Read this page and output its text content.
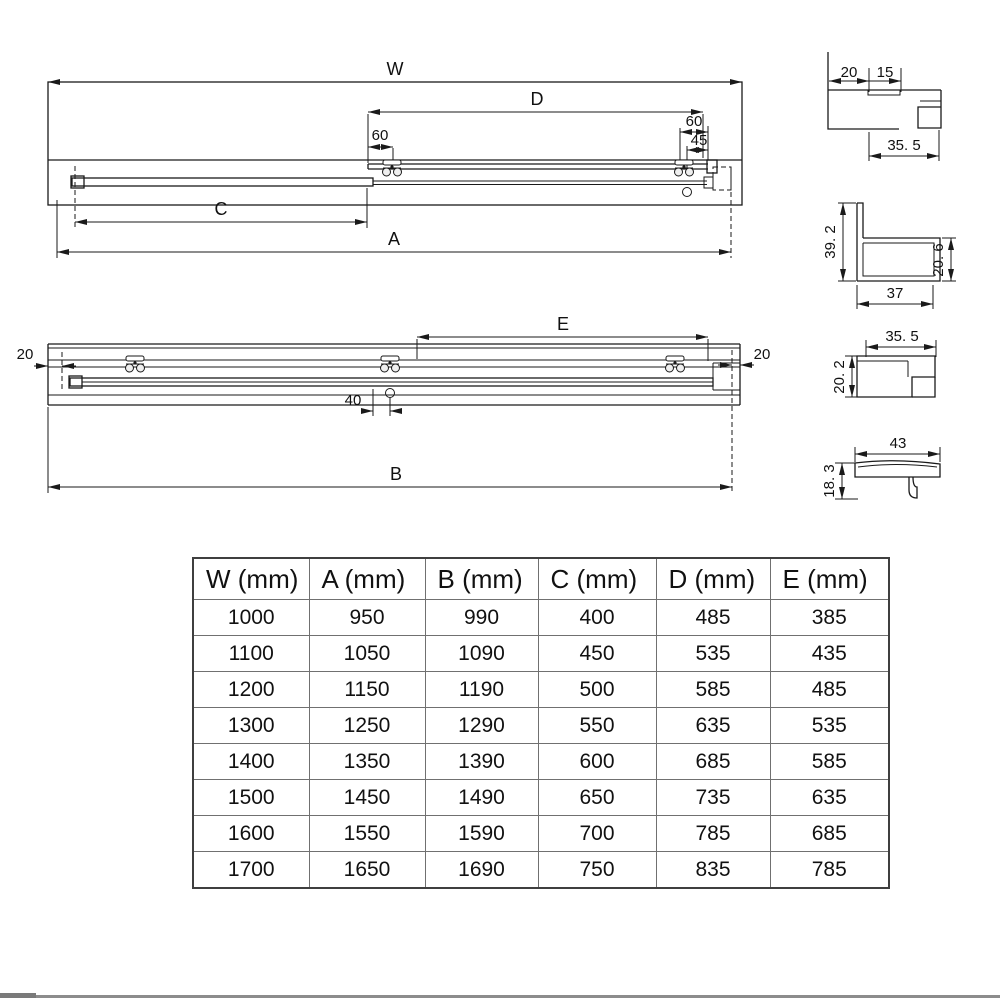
W
D
60
60
45
C
A
E
20	20
40
B
20 15
35. 5
39. 2
20. 6
37
35. 5
20. 2
43
18. 3
W (mm)	A (mm)	B (mm)	C (mm)	D (mm)	E (mm)
1000	950	990	400	485	385
1100	1050	1090	450	535	435
1200	1150	1190	500	585	485
1300	1250	1290	550	635	535
1400	1350	1390	600	685	585
1500	1450	1490	650	735	635
1600	1550	1590	700	785	685
1700	1650	1690	750	835	785
